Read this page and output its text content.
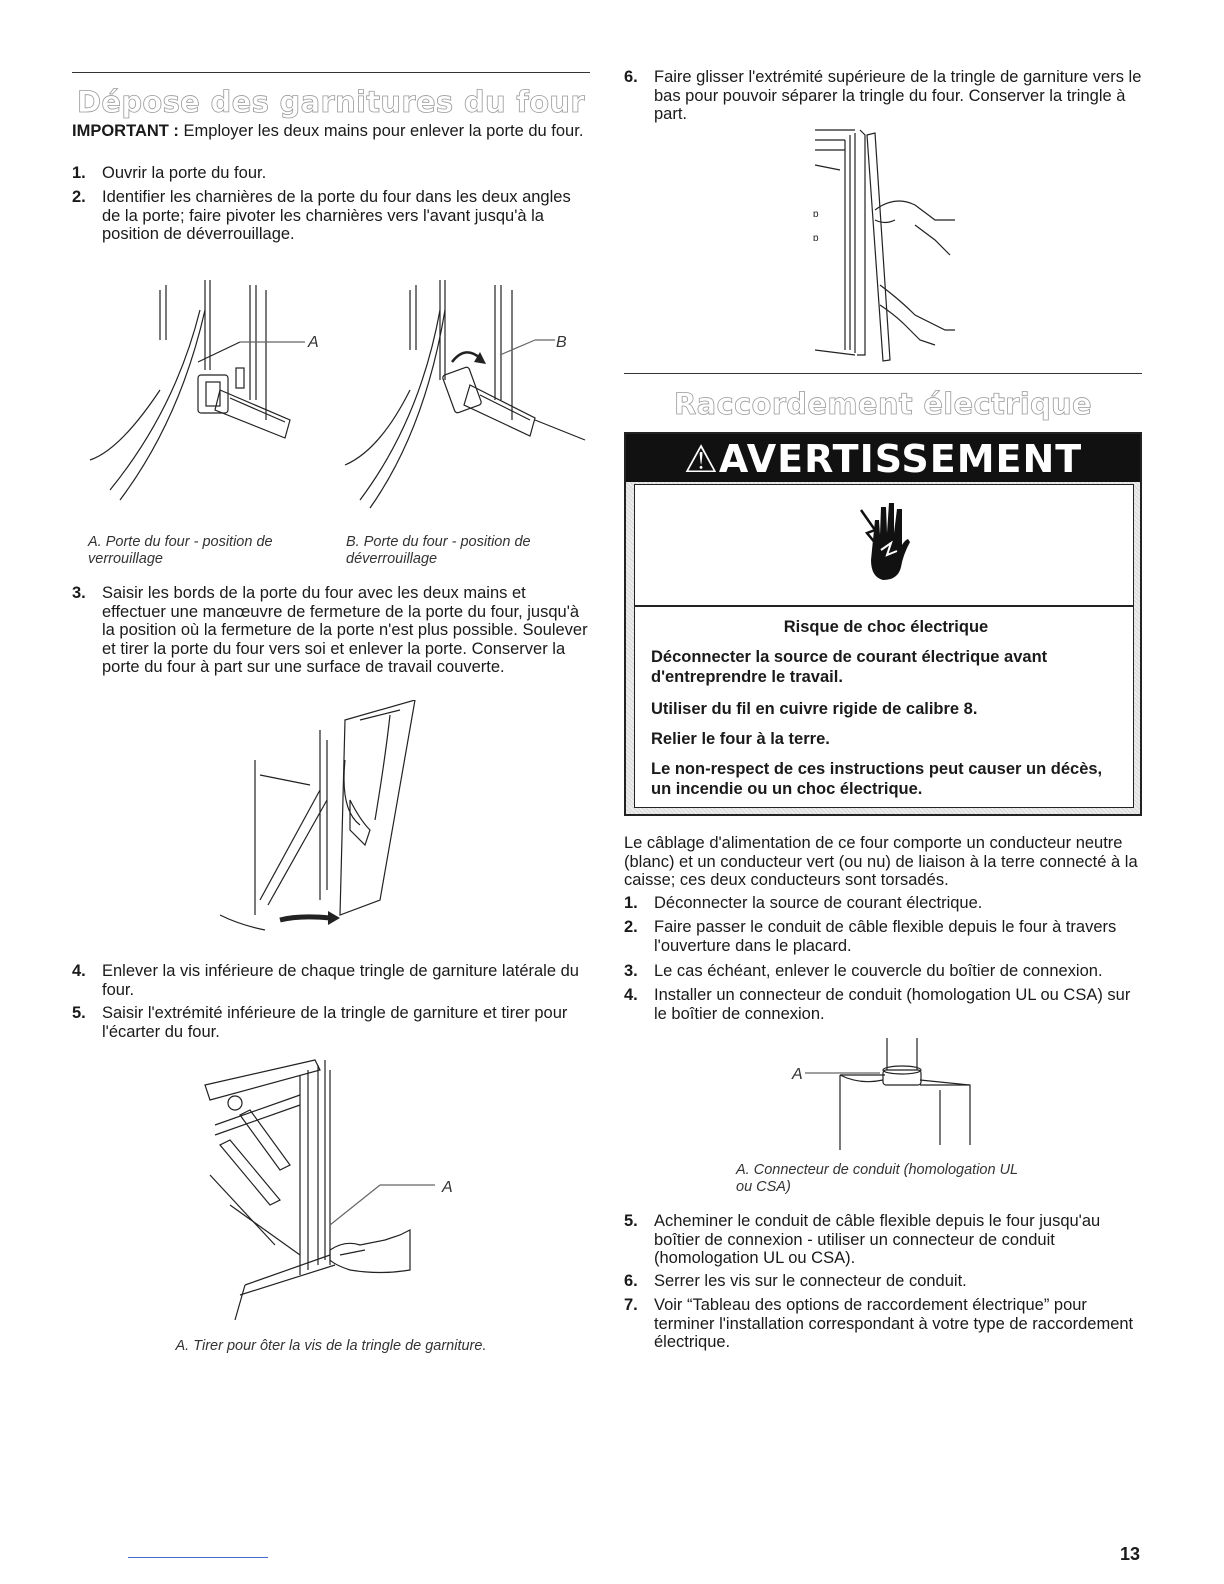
Dépose des garnitures du four

IMPORTANT : Employer les deux mains pour enlever la porte du four.

1. Ouvrir la porte du four.
2. Identifier les charnières de la porte du four dans les deux angles de la porte; faire pivoter les charnières vers l'avant jusqu'à la position de déverrouillage.
A	B
A. Porte du four - position de verrouillage
B. Porte du four - position de déverrouillage
3. Saisir les bords de la porte du four avec les deux mains et effectuer une manœuvre de fermeture de la porte du four, jusqu'à la position où la fermeture de la porte n'est plus possible. Soulever et tirer la porte du four vers soi et enlever la porte. Conserver la porte du four à part sur une surface de travail couverte.
4. Enlever la vis inférieure de chaque tringle de garniture latérale du four.
5. Saisir l'extrémité inférieure de la tringle de garniture et tirer pour l'écarter du four.
A
A. Tirer pour ôter la vis de la tringle de garniture.
6. Faire glisser l'extrémité supérieure de la tringle de garniture vers le bas pour pouvoir séparer la tringle du four. Conserver la tringle à part.
ɒ
ɒ
Raccordement électrique
⚠AVERTISSEMENT
Risque de choc électrique
Déconnecter la source de courant électrique avant d'entreprendre le travail.
Utiliser du fil en cuivre rigide de calibre 8.
Relier le four à la terre.
Le non-respect de ces instructions peut causer un décès, un incendie ou un choc électrique.

Le câblage d'alimentation de ce four comporte un conducteur neutre (blanc) et un conducteur vert (ou nu) de liaison à la terre connecté à la caisse; ces deux conducteurs sont torsadés.

1. Déconnecter la source de courant électrique.
2. Faire passer le conduit de câble flexible depuis le four à travers l'ouverture dans le placard.
3. Le cas échéant, enlever le couvercle du boîtier de connexion.
4. Installer un connecteur de conduit (homologation UL ou CSA) sur le boîtier de connexion.
A
A. Connecteur de conduit (homologation UL ou CSA)
5. Acheminer le conduit de câble flexible depuis le four jusqu'au boîtier de connexion - utiliser un connecteur de conduit (homologation UL ou CSA).
6. Serrer les vis sur le connecteur de conduit.
7. Voir “Tableau des options de raccordement électrique” pour terminer l'installation correspondant à votre type de raccordement électrique.
13
